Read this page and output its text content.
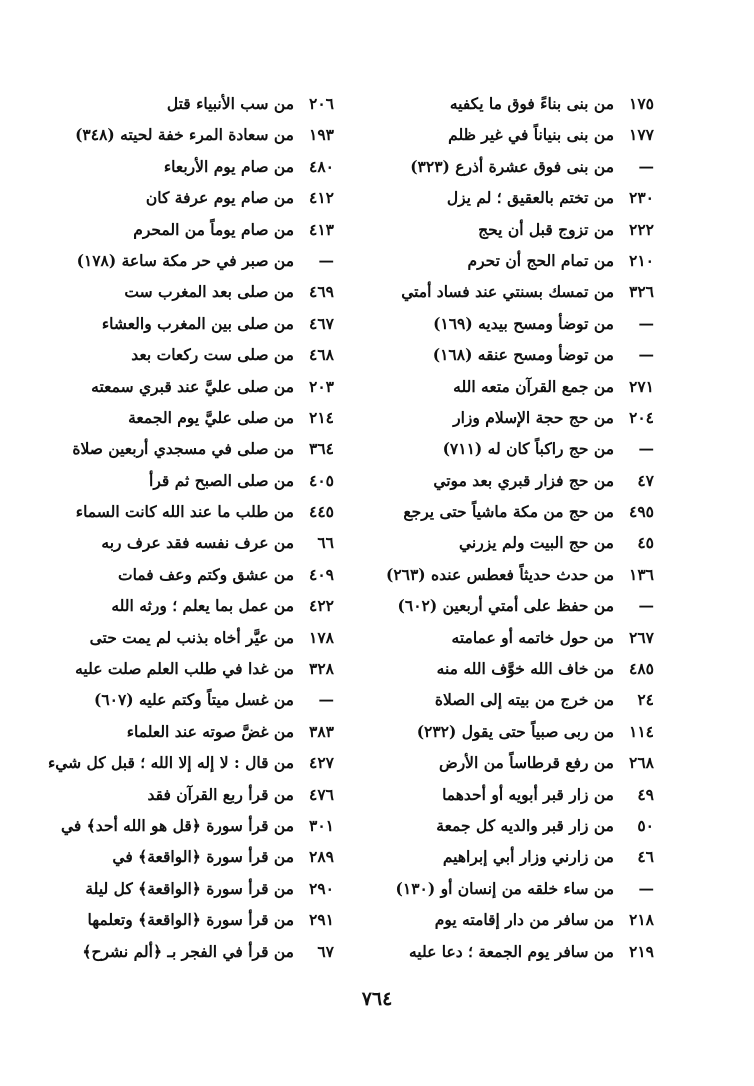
١٧٥
من بنى بناءً فوق ما يكفيه
١٧٧
من بنى بنياناً في غير ظلم
—
من بنى فوق عشرة أذرع (٣٢٣)
٢٣٠
من تختم بالعقيق ؛ لم يزل
٢٢٢
من تزوج قبل أن يحج
٢١٠
من تمام الحج أن تحرم
٣٢٦
من تمسك بسنتي عند فساد أمتي
—
من توضأ ومسح بيديه (١٦٩)
—
من توضأ ومسح عنقه (١٦٨)
٢٧١
من جمع القرآن متعه الله
٢٠٤
من حج حجة الإسلام وزار
—
من حج راكباً كان له (٧١١)
٤٧
من حج فزار قبري بعد موتي
٤٩٥
من حج من مكة ماشياً حتى يرجع
٤٥
من حج البيت ولم يزرني
١٣٦
من حدث حديثاً فعطس عنده (٢٦٣)
—
من حفظ على أمتي أربعين (٦٠٢)
٢٦٧
من حول خاتمه أو عمامته
٤٨٥
من خاف الله خوَّف الله منه
٢٤
من خرج من بيته إلى الصلاة
١١٤
من ربى صبياً حتى يقول (٢٣٢)
٢٦٨
من رفع قرطاساً من الأرض
٤٩
من زار قبر أبويه أو أحدهما
٥٠
من زار قبر والديه كل جمعة
٤٦
من زارني وزار أبي إبراهيم
—
من ساء خلقه من إنسان أو (١٣٠)
٢١٨
من سافر من دار إقامته يوم
٢١٩
من سافر يوم الجمعة ؛ دعا عليه
٢٠٦
من سب الأنبياء قتل
١٩٣
من سعادة المرء خفة لحيته (٣٤٨)
٤٨٠
من صام يوم الأربعاء
٤١٢
من صام يوم عرفة كان
٤١٣
من صام يوماً من المحرم
—
من صبر في حر مكة ساعة (١٧٨)
٤٦٩
من صلى بعد المغرب ست
٤٦٧
من صلى بين المغرب والعشاء
٤٦٨
من صلى ست ركعات بعد
٢٠٣
من صلى عليَّ عند قبري سمعته
٢١٤
من صلى عليَّ يوم الجمعة
٣٦٤
من صلى في مسجدي أربعين صلاة
٤٠٥
من صلى الصبح ثم قرأ
٤٤٥
من طلب ما عند الله كانت السماء
٦٦
من عرف نفسه فقد عرف ربه
٤٠٩
من عشق وكتم وعف فمات
٤٢٢
من عمل بما يعلم ؛ ورثه الله
١٧٨
من عيَّر أخاه بذنب لم يمت حتى
٣٢٨
من غدا في طلب العلم صلت عليه
—
من غسل ميتاً وكتم عليه (٦٠٧)
٣٨٣
من غضَّ صوته عند العلماء
٤٢٧
من قال : لا إله إلا الله ؛ قبل كل شيء
٤٧٦
من قرأ ربع القرآن فقد
٣٠١
من قرأ سورة ﴿قل هو الله أحد﴾ في
٢٨٩
من قرأ سورة ﴿الواقعة﴾ في
٢٩٠
من قرأ سورة ﴿الواقعة﴾ كل ليلة
٢٩١
من قرأ سورة ﴿الواقعة﴾ وتعلمها
٦٧
من قرأ في الفجر بـ ﴿ألم نشرح﴾
٧٦٤
